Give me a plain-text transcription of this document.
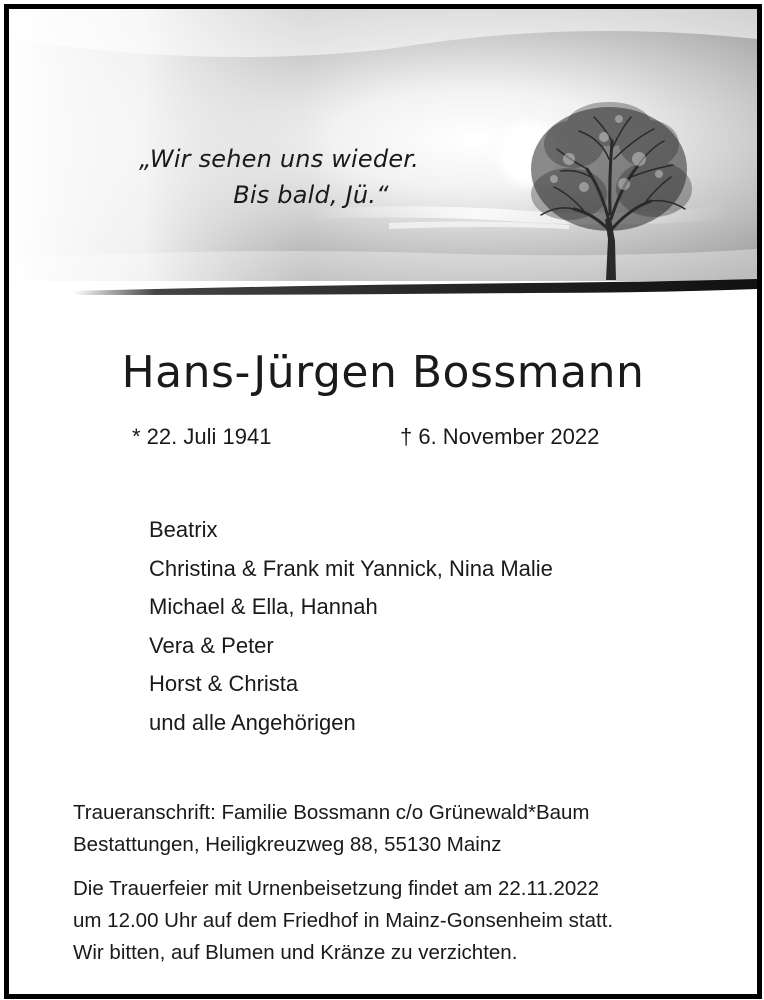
„Wir sehen uns wieder.
Bis bald, Jü.“
Hans-Jürgen Bossmann
* 22. Juli 1941	† 6. November 2022
Beatrix
Christina & Frank mit Yannick, Nina Malie
Michael & Ella, Hannah
Vera & Peter
Horst & Christa
und alle Angehörigen

Traueranschrift: Familie Bossmann c/o Grünewald*Baum
Bestattungen, Heiligkreuzweg 88, 55130 Mainz

Die Trauerfeier mit Urnenbeisetzung findet am 22.11.2022
um 12.00 Uhr auf dem Friedhof in Mainz-Gonsenheim statt.
Wir bitten, auf Blumen und Kränze zu verzichten.
